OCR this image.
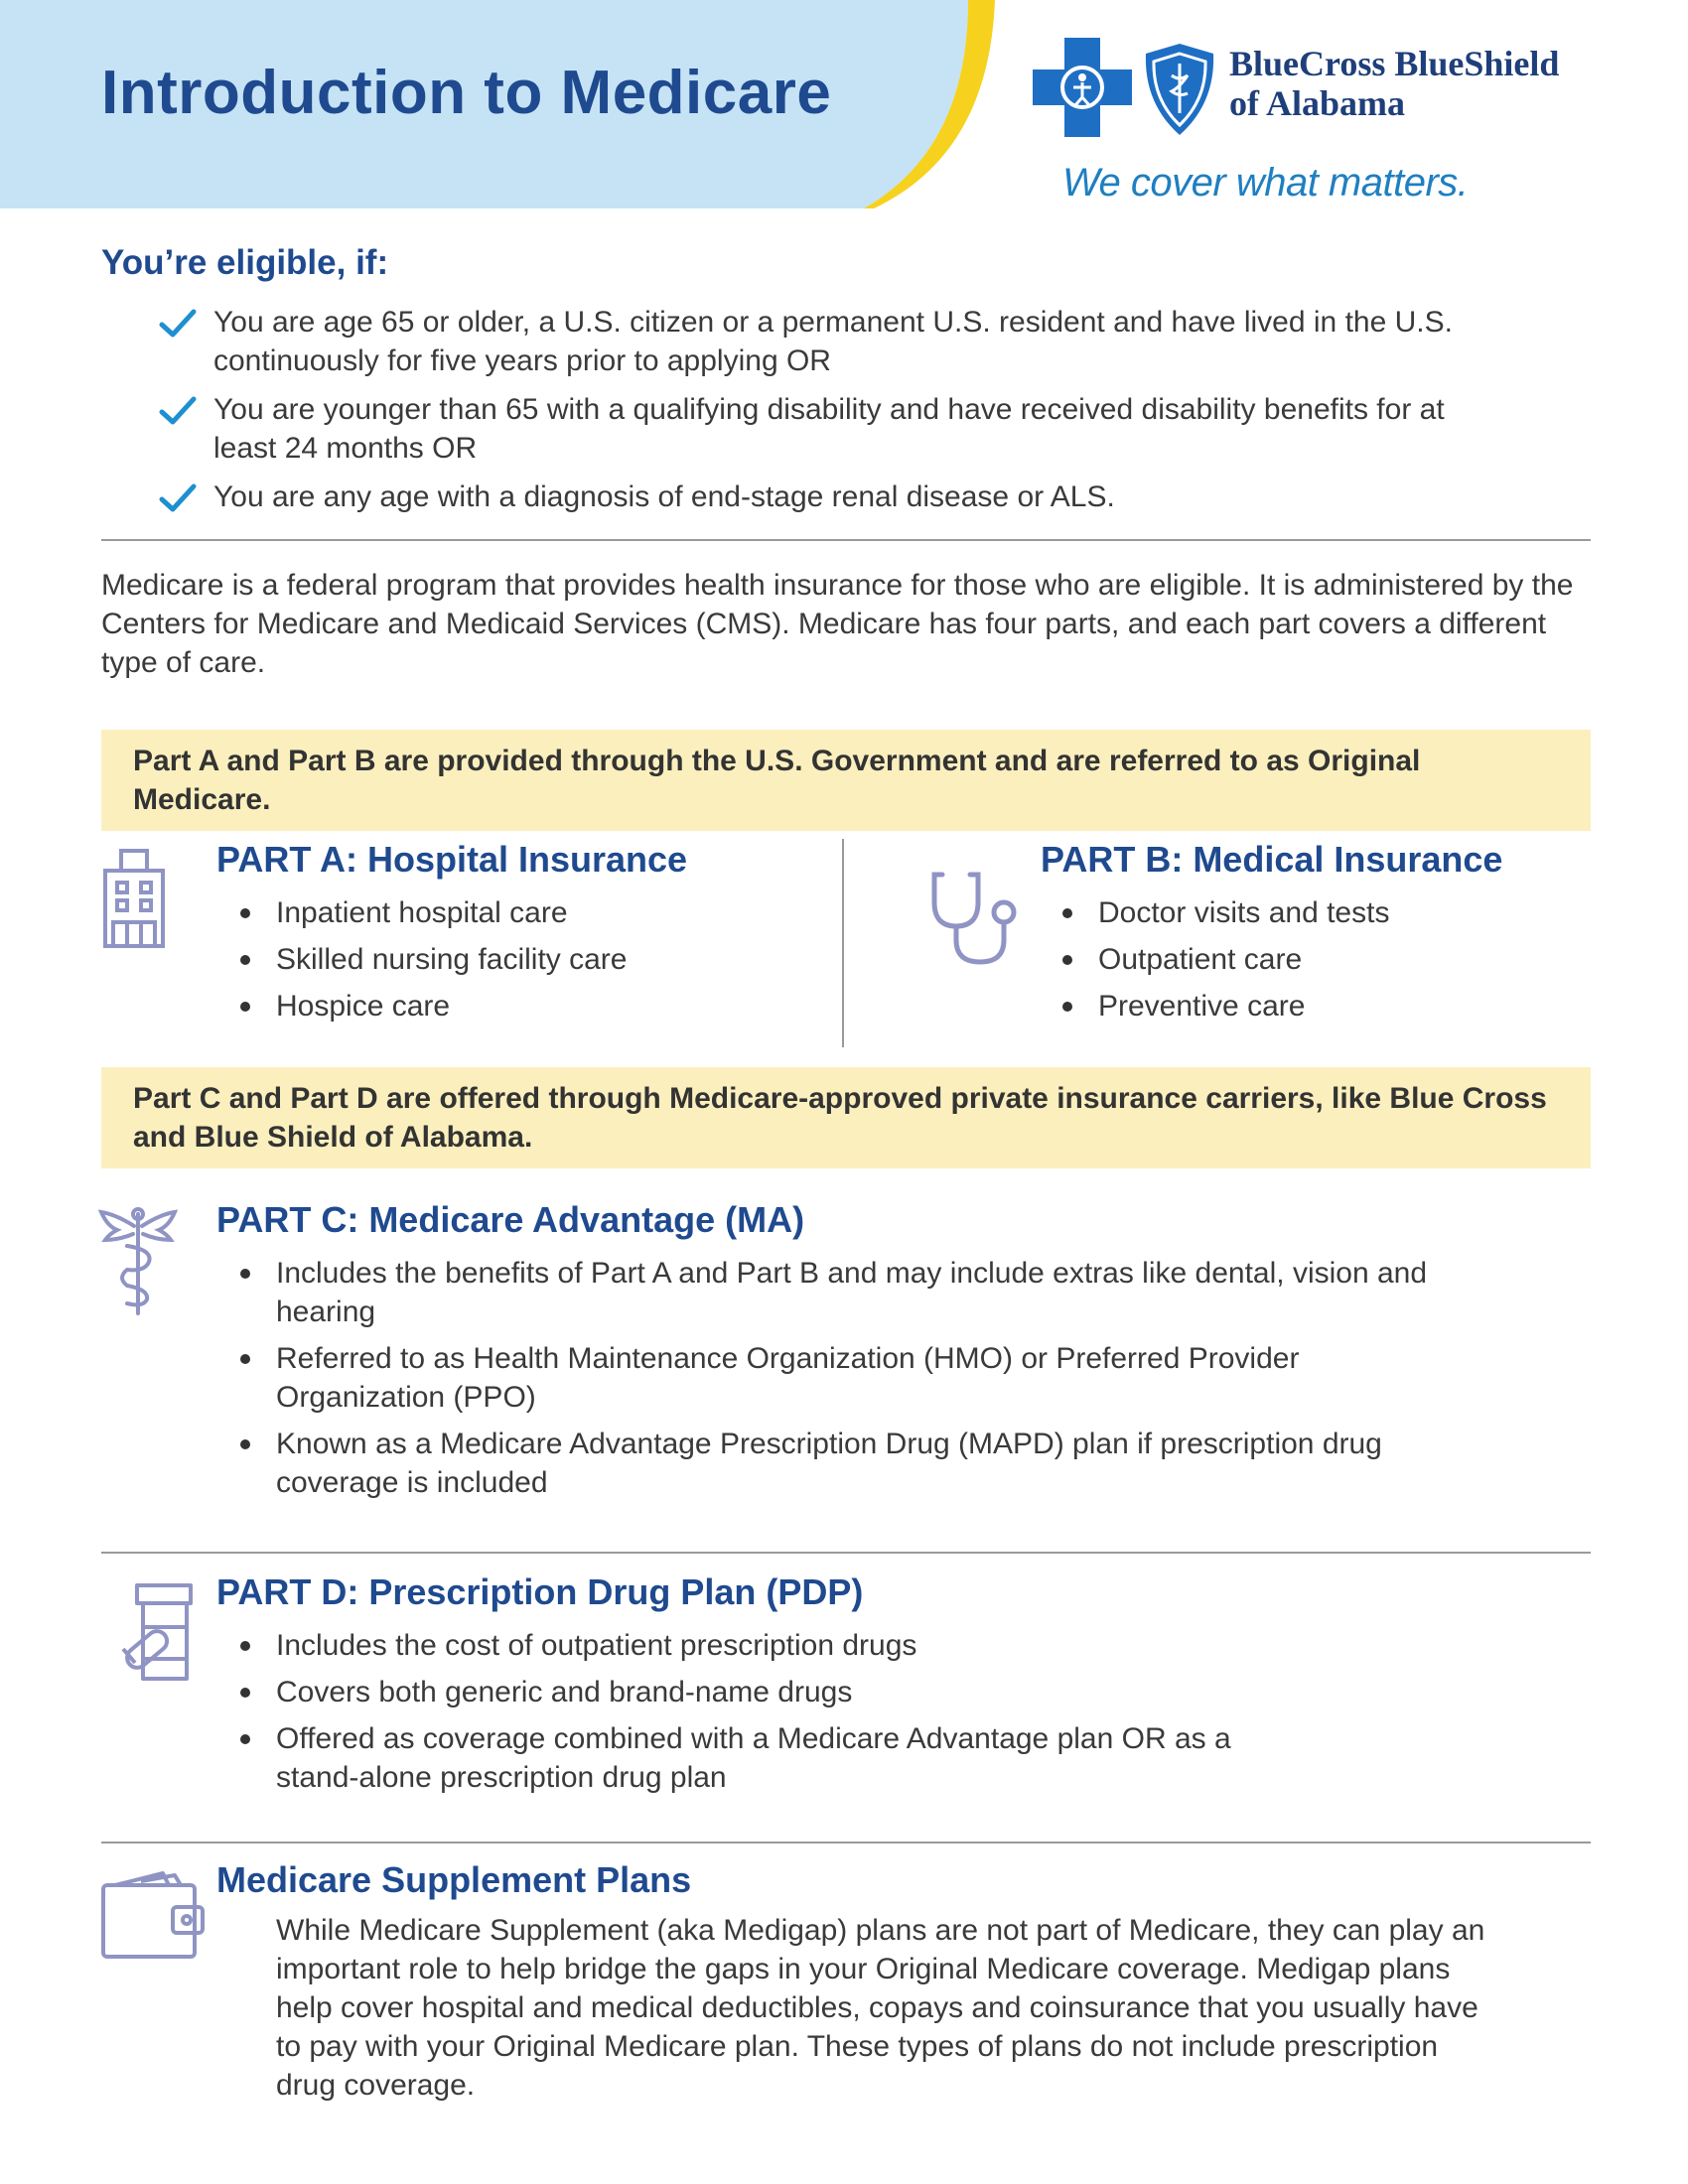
Introduction to Medicare	BlueCross BlueShield
of Alabama
We cover what matters.
You’re eligible, if:
You are age 65 or older, a U.S. citizen or a permanent U.S. resident and have lived in the U.S. continuously for five years prior to applying OR
You are younger than 65 with a qualifying disability and have received disability benefits for at least 24 months OR
You are any age with a diagnosis of end-stage renal disease or ALS.

Medicare is a federal program that provides health insurance for those who are eligible. It is administered by the Centers for Medicare and Medicaid Services (CMS). Medicare has four parts, and each part covers a different type of care.

Part A and Part B are provided through the U.S. Government and are referred to as Original Medicare.
PART A: Hospital Insurance
Inpatient hospital care
Skilled nursing facility care
Hospice care
PART B: Medical Insurance
Doctor visits and tests
Outpatient care
Preventive care
Part C and Part D are offered through Medicare-approved private insurance carriers, like Blue Cross and Blue Shield of Alabama.
PART C: Medicare Advantage (MA)
Includes the benefits of Part A and Part B and may include extras like dental, vision and hearing
Referred to as Health Maintenance Organization (HMO) or Preferred Provider Organization (PPO)
Known as a Medicare Advantage Prescription Drug (MAPD) plan if prescription drug coverage is included
PART D: Prescription Drug Plan (PDP)
Includes the cost of outpatient prescription drugs
Covers both generic and brand-name drugs
Offered as coverage combined with a Medicare Advantage plan OR as a stand-alone prescription drug plan
Medicare Supplement Plans

While Medicare Supplement (aka Medigap) plans are not part of Medicare, they can play an important role to help bridge the gaps in your Original Medicare coverage. Medigap plans help cover hospital and medical deductibles, copays and coinsurance that you usually have to pay with your Original Medicare plan. These types of plans do not include prescription drug coverage.
